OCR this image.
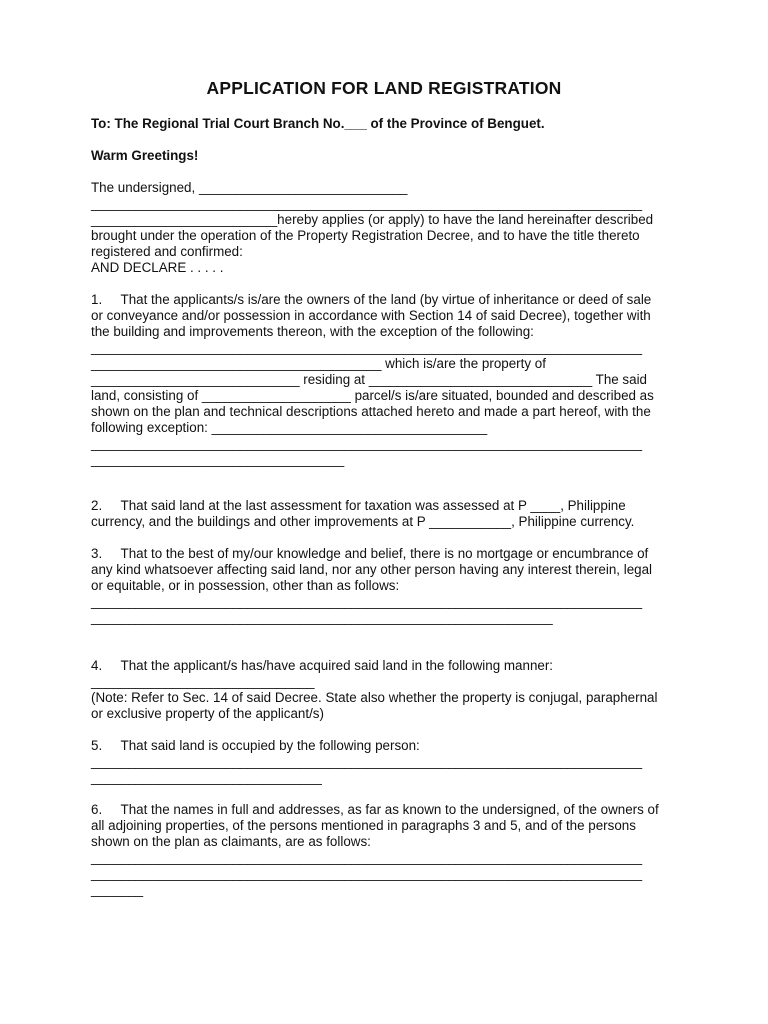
APPLICATION FOR LAND REGISTRATION
To: The Regional Trial Court Branch No.___ of the Province of Benguet.
Warm Greetings!
The undersigned, ____________________________
__________________________________________________________________________
_________________________hereby applies (or apply) to have the land hereinafter described
brought under the operation of the Property Registration Decree, and to have the title thereto
registered and confirmed:
AND DECLARE . . . . .
1.     That the applicants/s is/are the owners of the land (by virtue of inheritance or deed of sale
or conveyance and/or possession in accordance with Section 14 of said Decree), together with
the building and improvements thereon, with the exception of the following:
__________________________________________________________________________
_______________________________________ which is/are the property of
____________________________ residing at ______________________________ The said
land, consisting of ____________________ parcel/s is/are situated, bounded and described as
shown on the plan and technical descriptions attached hereto and made a part hereof, with the
following exception: _____________________________________
__________________________________________________________________________
__________________________________
2.     That said land at the last assessment for taxation was assessed at P ____, Philippine
currency, and the buildings and other improvements at P ___________, Philippine currency.
3.     That to the best of my/our knowledge and belief, there is no mortgage or encumbrance of
any kind whatsoever affecting said land, nor any other person having any interest therein, legal
or equitable, or in possession, other than as follows:
__________________________________________________________________________
______________________________________________________________
4.     That the applicant/s has/have acquired said land in the following manner:
______________________________
(Note: Refer to Sec. 14 of said Decree. State also whether the property is conjugal, paraphernal
or exclusive property of the applicant/s)
5.     That said land is occupied by the following person:
__________________________________________________________________________
_______________________________
6.     That the names in full and addresses, as far as known to the undersigned, of the owners of
all adjoining properties, of the persons mentioned in paragraphs 3 and 5, and of the persons
shown on the plan as claimants, are as follows:
__________________________________________________________________________
__________________________________________________________________________
_______
